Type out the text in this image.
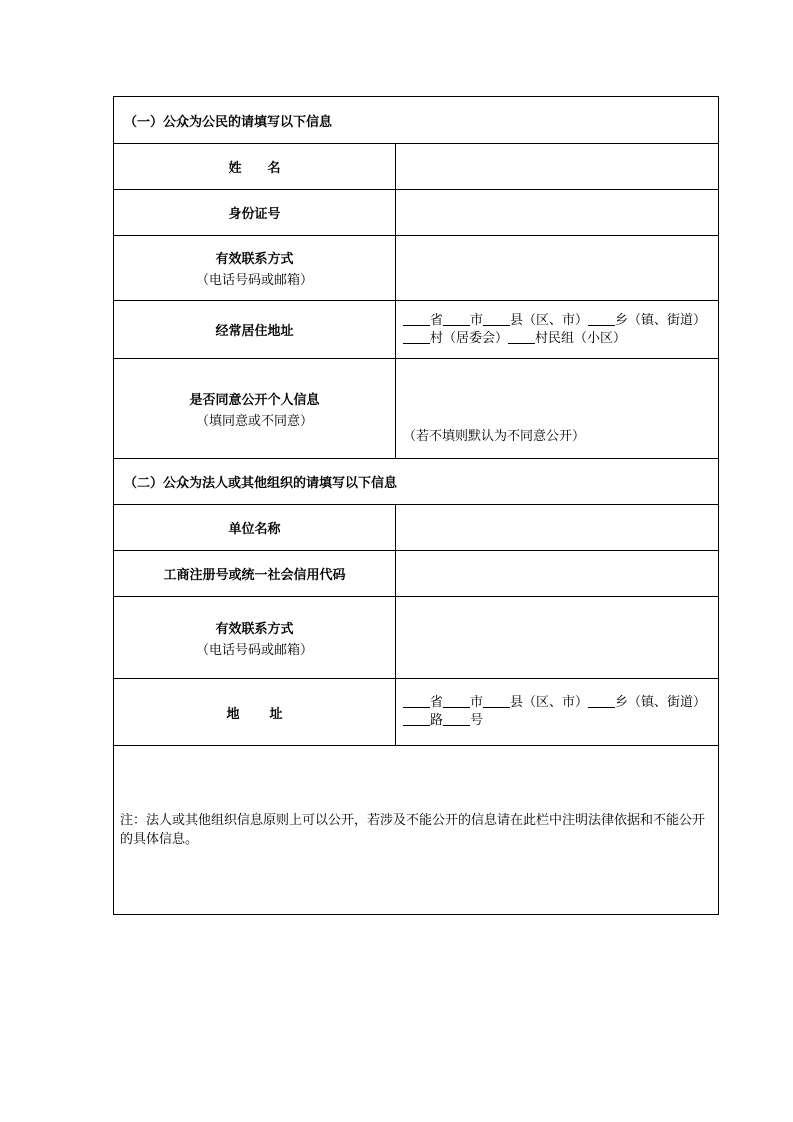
（一）公众为公民的请填写以下信息	
姓名	
身份证号	
有效联系方式
（电话号码或邮箱）	

经常居住地址	省 市 县（区、市） 乡（镇、街道）
村（居委会） 村民组（小区）
是否同意公开个人信息
（填同意或不同意）	（若不填则默认为不同意公开）
（二）公众为法人或其他组织的请填写以下信息	
单位名称	
工商注册号或统一社会信用代码	
有效联系方式
（电话号码或邮箱）	

地址	省 市 县（区、市） 乡（镇、街道）
路 号
注：法人或其他组织信息原则上可以公开，若涉及不能公开的信息请在此栏中注明法律依据和不能公开的具体信息。	
